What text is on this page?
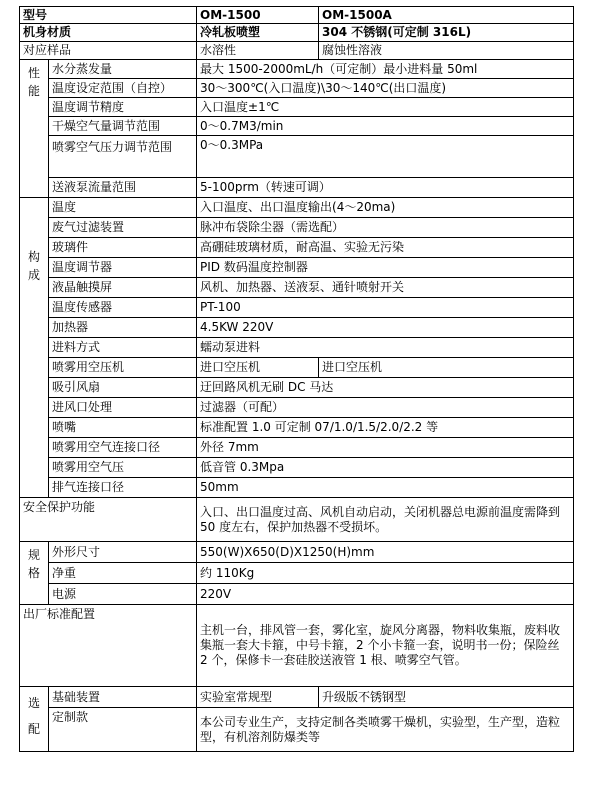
型号		OM-1500	OM-1500A
机身材质		冷轧板喷塑	304 不锈钢(可定制 316L)
对应样品		水溶性	腐蚀性溶液
性能	水分蒸发量	最大 1500-2000mL/h（可定制）最小进料量 50ml	
	温度设定范围（自控）	30～300℃(入口温度)\30～140℃(出口温度)	
	温度调节精度	入口温度±1℃	
	干燥空气量调节范围	0～0.7M3/min	
	喷雾空气压力调节范围	0～0.3MPa	
	送液泵流量范围	5-100prm（转速可调）	
构成	温度	入口温度、出口温度输出(4～20ma)	
	废气过滤装置	脉冲布袋除尘器（需选配）	
	玻璃件	高硼硅玻璃材质，耐高温、实验无污染	
	温度调节器	PID 数码温度控制器	
	液晶触摸屏	风机、加热器、送液泵、通针喷射开关	
	温度传感器	PT-100	
	加热器	4.5KW 220V	
	进料方式	蠕动泵进料	
	喷雾用空压机	进口空压机	进口空压机
	吸引风扇	迂回路风机无刷 DC 马达	
	进风口处理	过滤器（可配）	
	喷嘴	标准配置 1.0 可定制 07/1.0/1.5/2.0/2.2 等	
	喷雾用空气连接口径	外径 7mm	
	喷雾用空气压	低音管 0.3Mpa	
	排气连接口径	50mm	
安全保护功能		入口、出口温度过高、风机自动启动，关闭机器总电源前温度需降到 50 度左右，保护加热器不受损坏。	
规格	外形尺寸	550(W)X650(D)X1250(H)mm	
	净重	约 110Kg	
	电源	220V	
出厂标准配置		主机一台，排风管一套，雾化室，旋风分离器，物料收集瓶，废料收集瓶一套大卡箍，中号卡箍，2 个小卡箍一套，说明书一份；保险丝 2 个，保修卡一套硅胶送液管 1 根、喷雾空气管。	
选配	基础装置	实验室常规型	升级版不锈钢型
	定制款	本公司专业生产，支持定制各类喷雾干燥机，实验型，生产型，造粒型，有机溶剂防爆类等	
